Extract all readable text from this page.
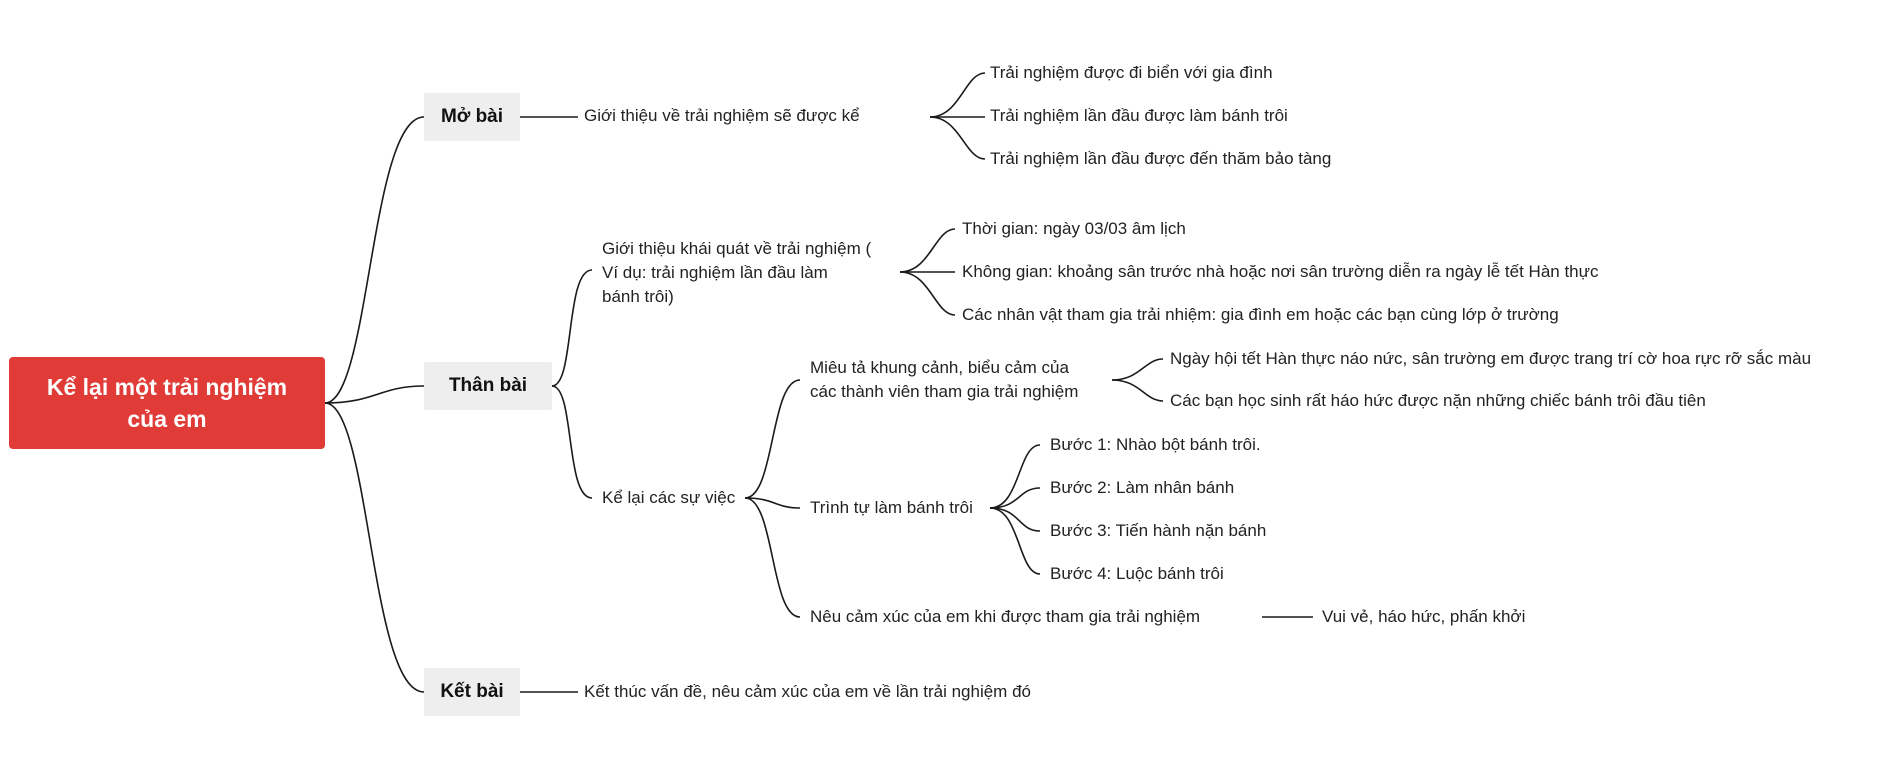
Kể lại một trải nghiệm
của em
Mở bài
Thân bài
Kết bài
Giới thiệu về trải nghiệm sẽ được kể
Trải nghiệm được đi biển với gia đình
Trải nghiệm lần đầu được làm bánh trôi
Trải nghiệm lần đầu được đến thăm bảo tàng
Giới thiệu khái quát về trải nghiệm (
Ví dụ: trải nghiệm lần đầu làm
bánh trôi)
Thời gian: ngày 03/03 âm lịch
Không gian: khoảng sân trước nhà hoặc nơi sân trường diễn ra ngày lễ tết Hàn thực
Các nhân vật tham gia trải nhiệm: gia đình em hoặc các bạn cùng lớp ở trường
Kể lại các sự việc
Miêu tả khung cảnh, biểu cảm của
các thành viên tham gia trải nghiệm
Ngày hội tết Hàn thực náo nức, sân trường em được trang trí cờ hoa rực rỡ sắc màu
Các bạn học sinh rất háo hức được nặn những chiếc bánh trôi đầu tiên
Trình tự làm bánh trôi
Bước 1: Nhào bột bánh trôi.
Bước 2: Làm nhân bánh
Bước 3: Tiến hành nặn bánh
Bước 4: Luộc bánh trôi
Nêu cảm xúc của em khi được tham gia trải nghiệm	Vui vẻ, háo hức, phấn khởi
Kết thúc vấn đề, nêu cảm xúc của em về lần trải nghiệm đó
